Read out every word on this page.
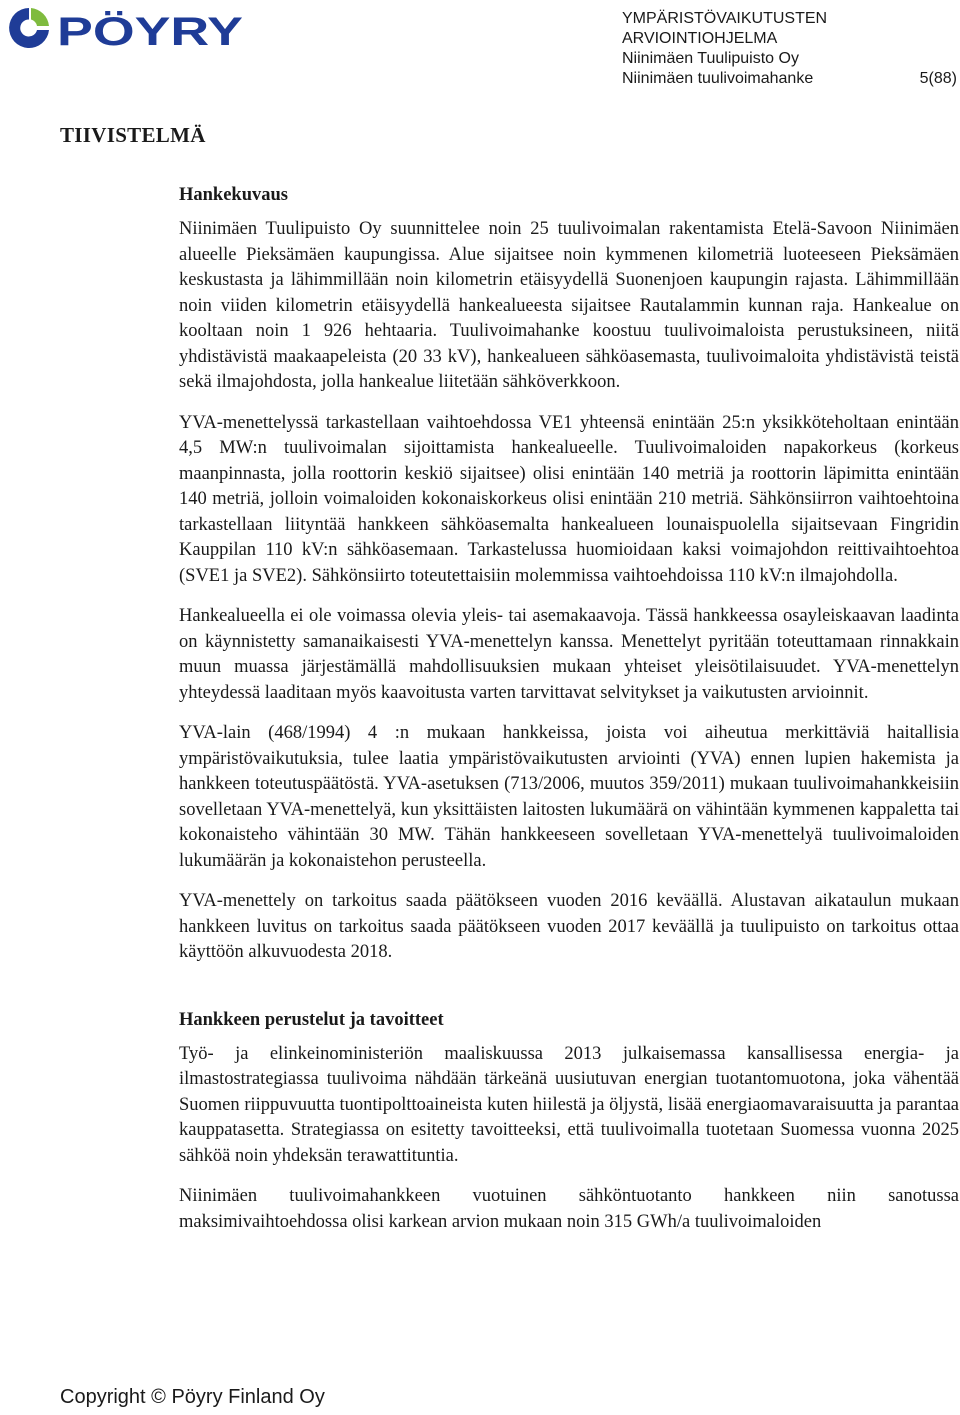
PÖYRY	YMPÄRISTÖVAIKUTUSTEN
ARVIOINTIOHJELMA
Niinimäen Tuulipuisto Oy
Niinimäen tuulivoimahanke	5(88)
TIIVISTELMÄ
Hankekuvaus

Niinimäen Tuulipuisto Oy suunnittelee noin 25 tuulivoimalan rakentamista Etelä-Savoon Niinimäen alueelle Pieksämäen kaupungissa. Alue sijaitsee noin kymmenen kilometriä luoteeseen Pieksämäen keskustasta ja lähimmillään noin kilometrin etäisyydellä Suonenjoen kaupungin rajasta. Lähimmillään noin viiden kilometrin etäisyydellä hankealueesta sijaitsee Rautalammin kunnan raja. Hankealue on kooltaan noin 1 926 hehtaaria. Tuulivoimahanke koostuu tuulivoimaloista perustuksineen, niitä yhdistävistä maakaapeleista (20 33 kV), hankealueen sähköasemasta, tuulivoimaloita yhdistävistä teistä sekä ilmajohdosta, jolla hankealue liitetään sähköverkkoon.

YVA-menettelyssä tarkastellaan vaihtoehdossa VE1 yhteensä enintään 25:n yksikköteholtaan enintään 4,5 MW:n tuulivoimalan sijoittamista hankealueelle. Tuulivoimaloiden napakorkeus (korkeus maanpinnasta, jolla roottorin keskiö sijaitsee) olisi enintään 140 metriä ja roottorin läpimitta enintään 140 metriä, jolloin voimaloiden kokonaiskorkeus olisi enintään 210 metriä. Sähkönsiirron vaihtoehtoina tarkastellaan liityntää hankkeen sähköasemalta hankealueen lounaispuolella sijaitsevaan Fingridin Kauppilan 110 kV:n sähköasemaan. Tarkastelussa huomioidaan kaksi voimajohdon reittivaihtoehtoa (SVE1 ja SVE2). Sähkönsiirto toteutettaisiin molemmissa vaihtoehdoissa 110 kV:n ilmajohdolla.

Hankealueella ei ole voimassa olevia yleis- tai asemakaavoja. Tässä hankkeessa osayleiskaavan laadinta on käynnistetty samanaikaisesti YVA-menettelyn kanssa. Menettelyt pyritään toteuttamaan rinnakkain muun muassa järjestämällä mahdollisuuksien mukaan yhteiset yleisötilaisuudet. YVA-menettelyn yhteydessä laaditaan myös kaavoitusta varten tarvittavat selvitykset ja vaikutusten arvioinnit.

YVA-lain (468/1994) 4 :n mukaan hankkeissa, joista voi aiheutua merkittäviä haitallisia ympäristövaikutuksia, tulee laatia ympäristövaikutusten arviointi (YVA) ennen lupien hakemista ja hankkeen toteutuspäätöstä. YVA-asetuksen (713/2006, muutos 359/2011) mukaan tuulivoimahankkeisiin sovelletaan YVA-menettelyä, kun yksittäisten laitosten lukumäärä on vähintään kymmenen kappaletta tai kokonaisteho vähintään 30 MW. Tähän hankkeeseen sovelletaan YVA-menettelyä tuulivoimaloiden lukumäärän ja kokonaistehon perusteella.

YVA-menettely on tarkoitus saada päätökseen vuoden 2016 keväällä. Alustavan aikataulun mukaan hankkeen luvitus on tarkoitus saada päätökseen vuoden 2017 keväällä ja tuulipuisto on tarkoitus ottaa käyttöön alkuvuodesta 2018.

Hankkeen perustelut ja tavoitteet

Työ- ja elinkeinoministeriön maaliskuussa 2013 julkaisemassa kansallisessa energia- ja ilmastostrategiassa tuulivoima nähdään tärkeänä uusiutuvan energian tuotantomuotona, joka vähentää Suomen riippuvuutta tuontipolttoaineista kuten hiilestä ja öljystä, lisää energiaomavaraisuutta ja parantaa kauppatasetta. Strategiassa on esitetty tavoitteeksi, että tuulivoimalla tuotetaan Suomessa vuonna 2025 sähköä noin yhdeksän terawattituntia.

Niinimäen tuulivoimahankkeen vuotuinen sähköntuotanto hankkeen niin sanotussa maksimivaihtoehdossa olisi karkean arvion mukaan noin 315 GWh/a tuulivoimaloiden

Copyright © Pöyry Finland Oy
